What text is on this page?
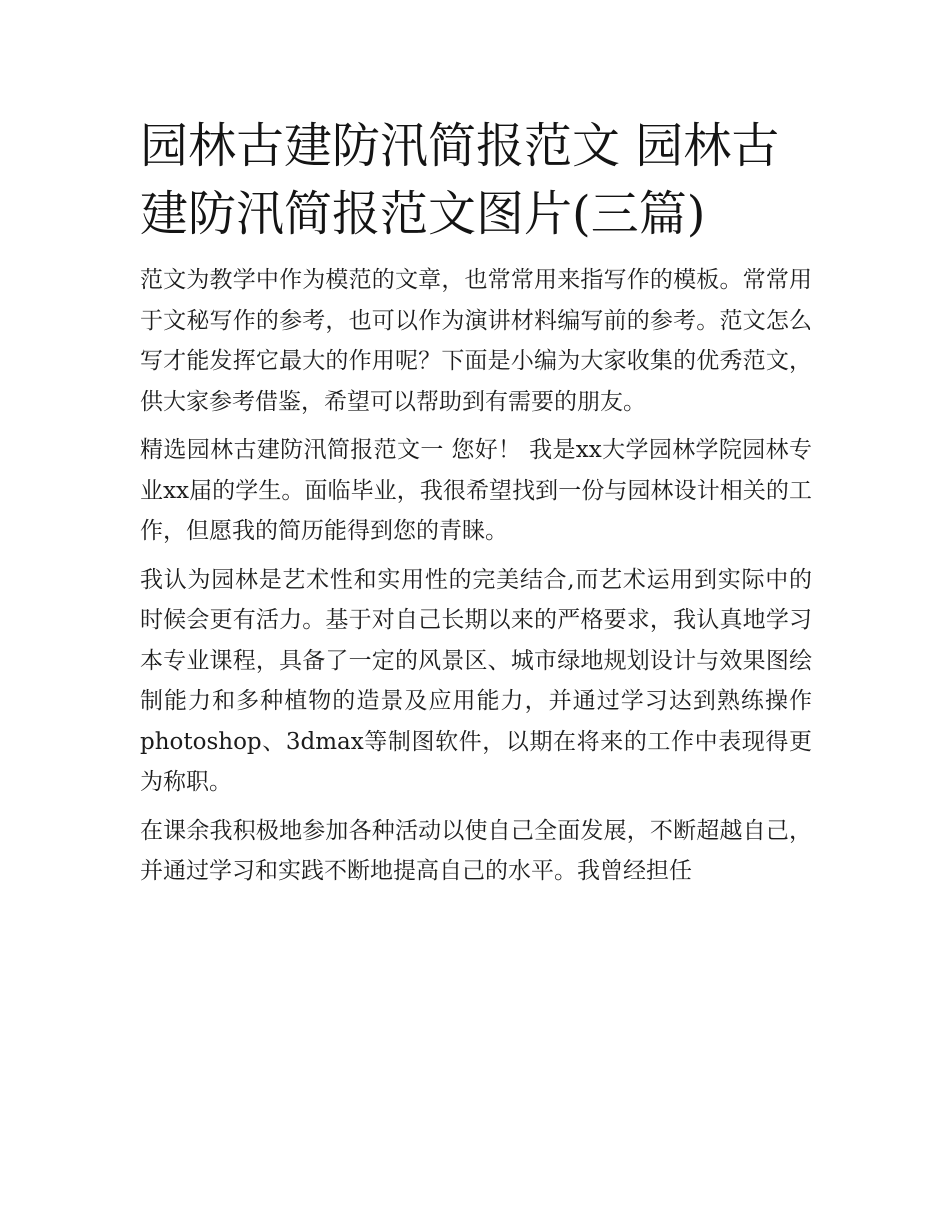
园林古建防汛简报范文 园林古建防汛简报范文图片(三篇)

范文为教学中作为模范的文章，也常常用来指写作的模板。常常用于文秘写作的参考，也可以作为演讲材料编写前的参考。范文怎么写才能发挥它最大的作用呢？下面是小编为大家收集的优秀范文，供大家参考借鉴，希望可以帮助到有需要的朋友。

精选园林古建防汛简报范文一 您好！ 我是xx大学园林学院园林专业xx届的学生。面临毕业，我很希望找到一份与园林设计相关的工作，但愿我的简历能得到您的青睐。

我认为园林是艺术性和实用性的完美结合,而艺术运用到实际中的时候会更有活力。基于对自己长期以来的严格要求，我认真地学习本专业课程，具备了一定的风景区、城市绿地规划设计与效果图绘制能力和多种植物的造景及应用能力，并通过学习达到熟练操作photoshop、3dmax等制图软件，以期在将来的工作中表现得更为称职。

在课余我积极地参加各种活动以使自己全面发展，不断超越自己，并通过学习和实践不断地提高自己的水平。我曾经担任
